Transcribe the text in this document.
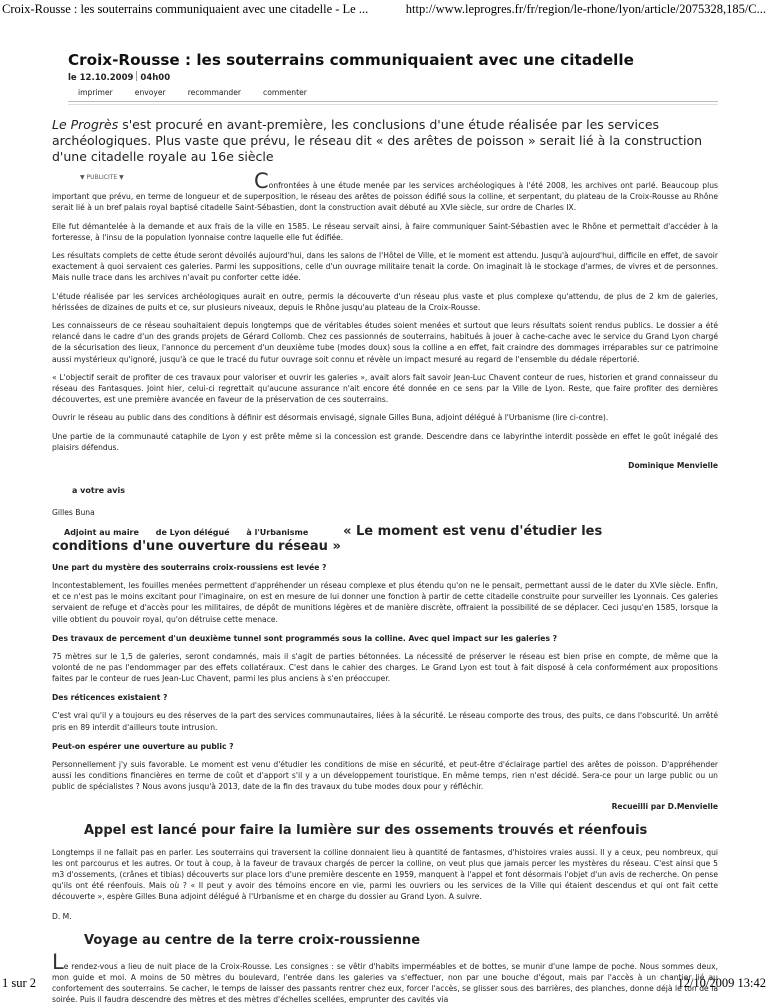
Croix-Rousse : les souterrains communiquaient avec une citadelle - Le ...	http://www.leprogres.fr/fr/region/le-rhone/lyon/article/2075328,185/C...
Croix-Rousse : les souterrains communiquaient avec une citadelle
le 12.10.2009 04h00
imprimer	envoyer	recommander	commenter

Le Progrès s'est procuré en avant-première, les conclusions d'une étude réalisée par les services archéologiques. Plus vaste que prévu, le réseau dit « des arêtes de poisson » serait lié à la construction d'une citadelle royale au 16e siècle

▼ PUBLICITE ▼	Confrontées à une étude menée par les services archéologiques à l'été 2008, les archives ont parlé. Beaucoup plus important que prévu, en terme de longueur et de superposition, le réseau des arêtes de poisson édifié sous la colline, et serpentant, du plateau de la Croix-Rousse au Rhône serait lié à un bref palais royal baptisé citadelle Saint-Sébastien, dont la construction avait débuté au XVIe siècle, sur ordre de Charles IX.

Elle fut démantelée à la demande et aux frais de la ville en 1585. Le réseau servait ainsi, à faire communiquer Saint-Sébastien avec le Rhône et permettait d'accéder à la forteresse, à l'insu de la population lyonnaise contre laquelle elle fut édifiée.

Les résultats complets de cette étude seront dévoilés aujourd'hui, dans les salons de l'Hôtel de Ville, et le moment est attendu. Jusqu'à aujourd'hui, difficile en effet, de savoir exactement à quoi servaient ces galeries. Parmi les suppositions, celle d'un ouvrage militaire tenait la corde. On imaginait là le stockage d'armes, de vivres et de personnes. Mais nulle trace dans les archives n'avait pu conforter cette idée.

L'étude réalisée par les services archéologiques aurait en outre, permis la découverte d'un réseau plus vaste et plus complexe qu'attendu, de plus de 2 km de galeries, hérissées de dizaines de puits et ce, sur plusieurs niveaux, depuis le Rhône jusqu'au plateau de la Croix-Rousse.

Les connaisseurs de ce réseau souhaitaient depuis longtemps que de véritables études soient menées et surtout que leurs résultats soient rendus publics. Le dossier a été relancé dans le cadre d'un des grands projets de Gérard Collomb. Chez ces passionnés de souterrains, habitués à jouer à cache-cache avec le service du Grand Lyon chargé de la sécurisation des lieux, l'annonce du percement d'un deuxième tube (modes doux) sous la colline a en effet, fait craindre des dommages irréparables sur ce patrimoine aussi mystérieux qu'ignoré, jusqu'à ce que le tracé du futur ouvrage soit connu et révèle un impact mesuré au regard de l'ensemble du dédale répertorié.

« L'objectif serait de profiter de ces travaux pour valoriser et ouvrir les galeries », avait alors fait savoir Jean-Luc Chavent conteur de rues, historien et grand connaisseur du réseau des Fantasques. Joint hier, celui-ci regrettait qu'aucune assurance n'ait encore été donnée en ce sens par la Ville de Lyon. Reste, que faire profiter des dernières découvertes, est une première avancée en faveur de la préservation de ces souterrains.

Ouvrir le réseau au public dans des conditions à définir est désormais envisagé, signale Gilles Buna, adjoint délégué à l'Urbanisme (lire ci-contre).

Une partie de la communauté cataphile de Lyon y est prête même si la concession est grande. Descendre dans ce labyrinthe interdit possède en effet le goût inégalé des plaisirs défendus.

Dominique Menvielle
a votre avis
Gilles Buna
Adjoint au maire de Lyon délégué à l'Urbanisme	« Le moment est venu d'étudier les
conditions d'une ouverture du réseau »
Une part du mystère des souterrains croix-roussiens est levée ?
Incontestablement, les fouilles menées permettent d'appréhender un réseau complexe et plus étendu qu'on ne le pensait, permettant aussi de le dater du XVIe siècle. Enfin, et ce n'est pas le moins excitant pour l'imaginaire, on est en mesure de lui donner une fonction à partir de cette citadelle construite pour surveiller les Lyonnais. Ces galeries servaient de refuge et d'accès pour les militaires, de dépôt de munitions légères et de manière discrète, offraient la possibilité de se déplacer. Ceci jusqu'en 1585, lorsque la ville obtient du pouvoir royal, qu'on détruise cette menace.
Des travaux de percement d'un deuxième tunnel sont programmés sous la colline. Avec quel impact sur les galeries ?
75 mètres sur le 1,5 de galeries, seront condamnés, mais il s'agit de parties bétonnées. La nécessité de préserver le réseau est bien prise en compte, de même que la volonté de ne pas l'endommager par des effets collatéraux. C'est dans le cahier des charges. Le Grand Lyon est tout à fait disposé à cela conformément aux propositions faites par le conteur de rues Jean-Luc Chavent, parmi les plus anciens à s'en préoccuper.
Des réticences existaient ?
C'est vrai qu'il y a toujours eu des réserves de la part des services communautaires, liées à la sécurité. Le réseau comporte des trous, des puits, ce dans l'obscurité. Un arrêté pris en 89 interdit d'ailleurs toute intrusion.
Peut-on espérer une ouverture au public ?
Personnellement j'y suis favorable. Le moment est venu d'étudier les conditions de mise en sécurité, et peut-être d'éclairage partiel des arêtes de poisson. D'appréhender aussi les conditions financières en terme de coût et d'apport s'il y a un développement touristique. En même temps, rien n'est décidé. Sera-ce pour un large public ou un public de spécialistes ? Nous avons jusqu'à 2013, date de la fin des travaux du tube modes doux pour y réfléchir.
Recueilli par D.Menvielle
Appel est lancé pour faire la lumière sur des ossements trouvés et réenfouis
Longtemps il ne fallait pas en parler. Les souterrains qui traversent la colline donnaient lieu à quantité de fantasmes, d'histoires vraies aussi. Il y a ceux, peu nombreux, qui les ont parcourus et les autres. Or tout à coup, à la faveur de travaux chargés de percer la colline, on veut plus que jamais percer les mystères du réseau. C'est ainsi que 5 m3 d'ossements, (crânes et tibias) découverts sur place lors d'une première descente en 1959, manquent à l'appel et font désormais l'objet d'un avis de recherche. On pense qu'ils ont été réenfouis. Mais où ? « Il peut y avoir des témoins encore en vie, parmi les ouvriers ou les services de la Ville qui étaient descendus et qui ont fait cette découverte », espère Gilles Buna adjoint délégué à l'Urbanisme et en charge du dossier au Grand Lyon. A suivre.
D. M.
Voyage au centre de la terre croix-roussienne

Le rendez-vous a lieu de nuit place de la Croix-Rousse. Les consignes : se vêtir d'habits imperméables et de bottes, se munir d'une lampe de poche. Nous sommes deux, mon guide et moi. A moins de 50 mètres du boulevard, l'entrée dans les galeries va s'effectuer, non par une bouche d'égout, mais par l'accès à un chantier lié au confortement des souterrains. Se cacher, le temps de laisser des passants rentrer chez eux, forcer l'accès, se glisser sous des barrières, des planches, donne déjà le ton de la soirée. Puis il faudra descendre des mètres et des mètres d'échelles scellées, emprunter des cavités via

1 sur 2	12/10/2009 13:42
